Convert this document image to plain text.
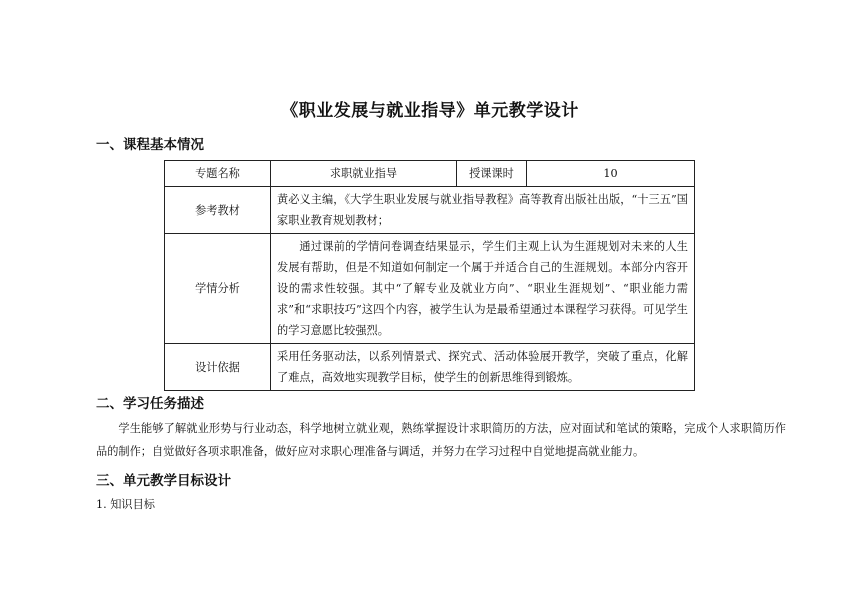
《职业发展与就业指导》单元教学设计
一、课程基本情况
专题名称	求职就业指导	授课课时	10
参考教材	黄必义主编，《大学生职业发展与就业指导教程》高等教育出版社出版，“十三五”国家职业教育规划教材；		
学情分析	通过课前的学情问卷调查结果显示，学生们主观上认为生涯规划对未来的人生发展有帮助，但是不知道如何制定一个属于并适合自己的生涯规划。本部分内容开设的需求性较强。其中“了解专业及就业方向”、“职业生涯规划”、“职业能力需求”和“求职技巧”这四个内容，被学生认为是最希望通过本课程学习获得。可见学生的学习意愿比较强烈。		
设计依据	采用任务驱动法，以系列情景式、探究式、活动体验展开教学，突破了重点，化解了难点，高效地实现教学目标，使学生的创新思维得到锻炼。		
二、学习任务描述
学生能够了解就业形势与行业动态，科学地树立就业观，熟练掌握设计求职简历的方法，应对面试和笔试的策略，完成个人求职简历作品的制作；自觉做好各项求职准备，做好应对求职心理准备与调适，并努力在学习过程中自觉地提高就业能力。
三、单元教学目标设计
1. 知识目标
